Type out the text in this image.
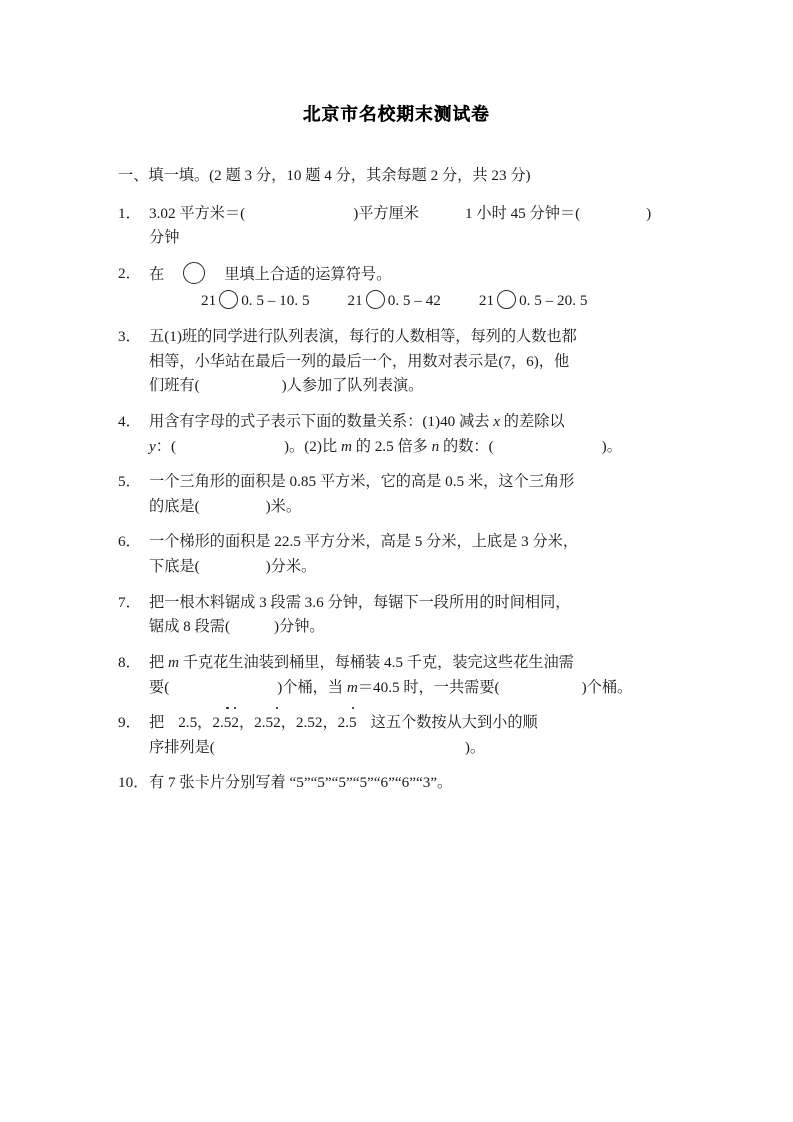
北京市名校期末测试卷
一、填一填。(2 题 3 分，10 题 4 分，其余每题 2 分，共 23 分)
1． 3.02 平方米＝(	)平方厘米	1 小时 45 分钟＝(	)
分钟
2． 在	里填上合适的运算符号。
21 0. 5 – 10. 5	21 0. 5 – 42	21 0. 5 – 20. 5
3． 五(1)班的同学进行队列表演，每行的人数相等，每列的人数也都
相等，小华站在最后一列的最后一个，用数对表示是(7，6)，他
们班有(	)人参加了队列表演。
4． 用含有字母的式子表示下面的数量关系：(1)40 减去 x 的差除以
y：(	)。(2)比 m 的 2.5 倍多 n 的数：(	)。
5． 一个三角形的面积是 0.85 平方米，它的高是 0.5 米，这个三角形
的底是(	)米。
6． 一个梯形的面积是 22.5 平方分米，高是 5 分米，上底是 3 分米，
下底是(	)分米。
7． 把一根木料锯成 3 段需 3.6 分钟，每锯下一段所用的时间相同，
锯成 8 段需(	)分钟。
8． 把 m 千克花生油装到桶里，每桶装 4.5 千克，装完这些花生油需
要(	)个桶，当 m＝40.5 时，一共需要(	)个桶。
9． 把 2.5，2.52，2.52，2.52，2.5 这五个数按从大到小的顺
序排列是(	)。
10． 有 7 张卡片分别写着 “5”“5”“5”“5”“6”“6”“3”。
